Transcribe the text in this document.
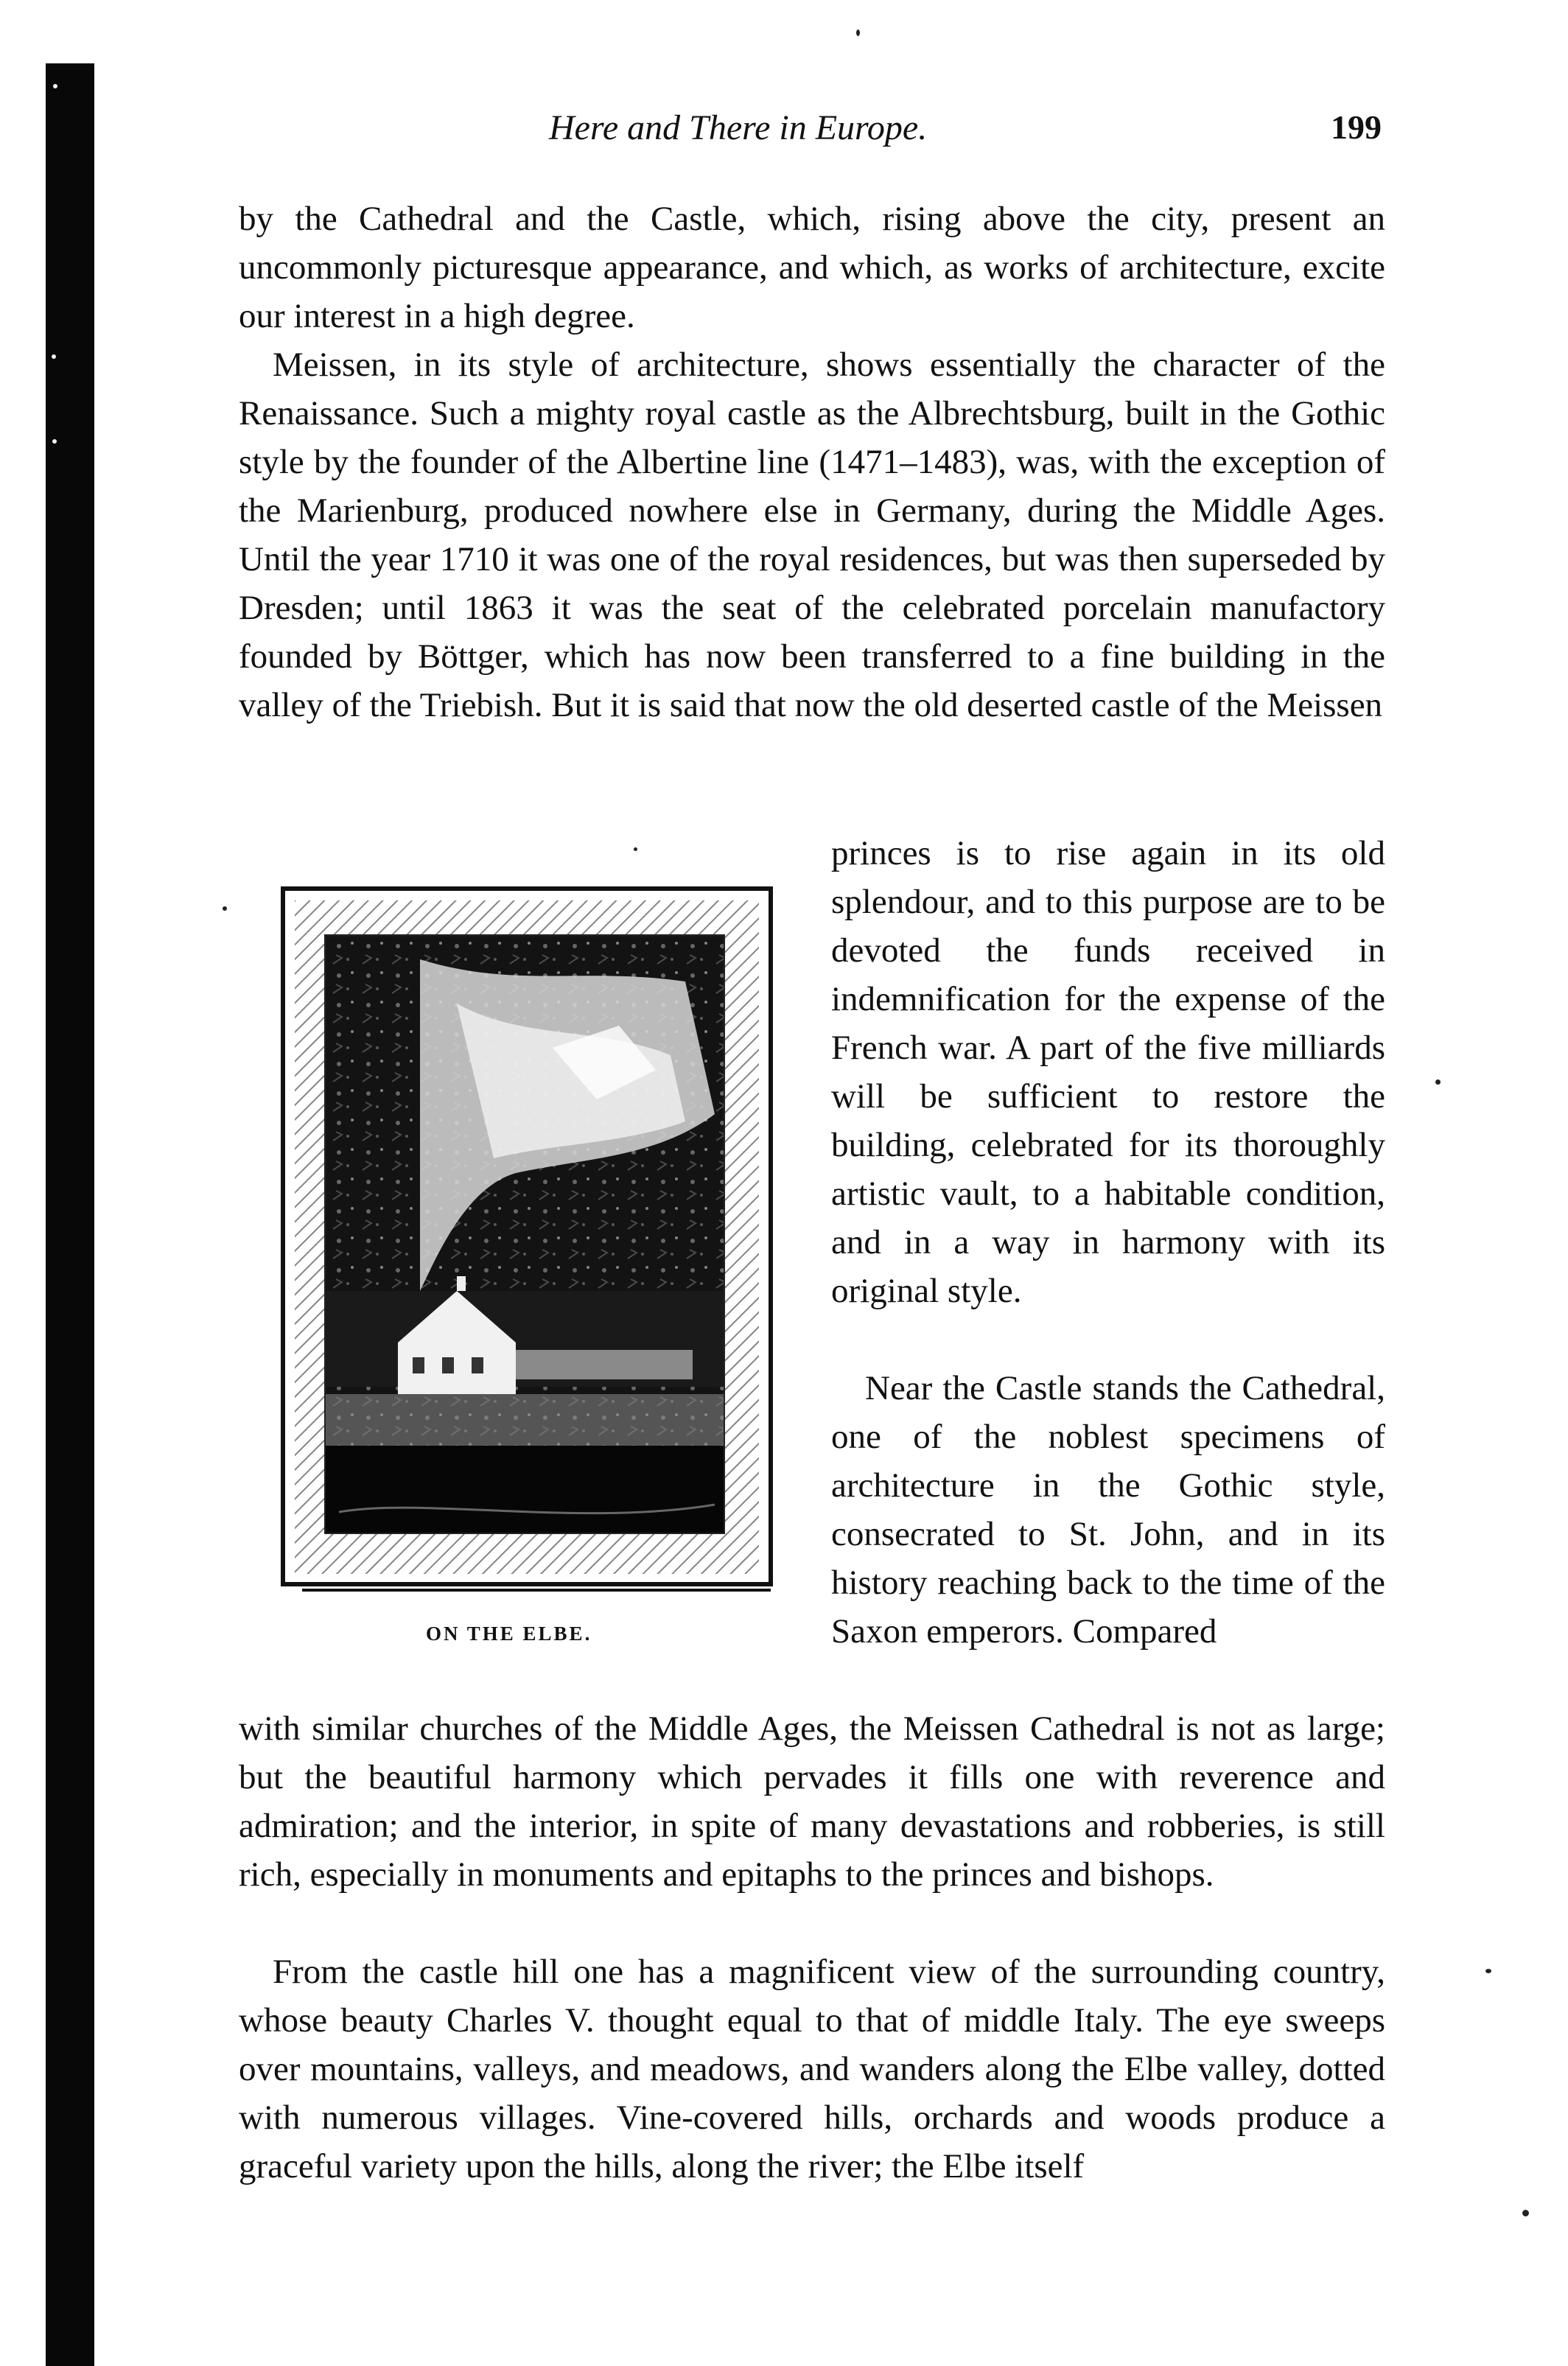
Here and There in Europe.	199

by the Cathedral and the Castle, which, rising above the city, present an uncommonly picturesque appearance, and which, as works of architecture, excite our interest in a high degree.

Meissen, in its style of architecture, shows essentially the character of the Renaissance. Such a mighty royal castle as the Albrechtsburg, built in the Gothic style by the founder of the Albertine line (1471–1483), was, with the exception of the Marienburg, produced nowhere else in Germany, during the Middle Ages. Until the year 1710 it was one of the royal residences, but was then superseded by Dresden; until 1863 it was the seat of the celebrated porcelain manufactory founded by Böttger, which has now been transferred to a fine building in the valley of the Triebish. But it is said that now the old deserted castle of the Meissen

ON THE ELBE.

princes is to rise again in its old splendour, and to this purpose are to be devoted the funds received in indemnification for the expense of the French war. A part of the five milliards will be sufficient to restore the building, celebrated for its thoroughly artistic vault, to a habitable condition, and in a way in harmony with its original style.

Near the Castle stands the Cathedral, one of the noblest specimens of architecture in the Gothic style, consecrated to St. John, and in its history reaching back to the time of the Saxon emperors. Compared

with similar churches of the Middle Ages, the Meissen Cathedral is not as large; but the beautiful harmony which pervades it fills one with reverence and admiration; and the interior, in spite of many devastations and robberies, is still rich, especially in monuments and epitaphs to the princes and bishops.

From the castle hill one has a magnificent view of the surrounding country, whose beauty Charles V. thought equal to that of middle Italy. The eye sweeps over mountains, valleys, and meadows, and wanders along the Elbe valley, dotted with numerous villages. Vine-covered hills, orchards and woods produce a graceful variety upon the hills, along the river; the Elbe itself
